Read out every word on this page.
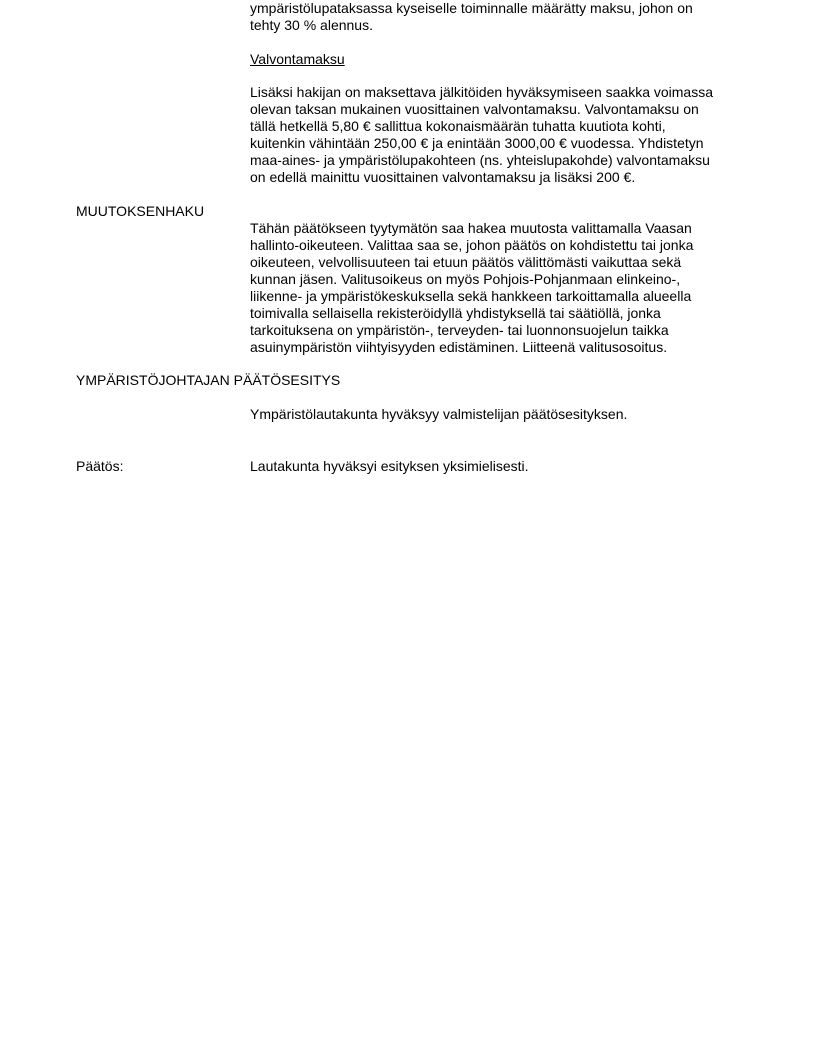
ympäristölupataksassa kyseiselle toiminnalle määrätty maksu, johon on
tehty 30 % alennus.

Valvontamaksu

Lisäksi hakijan on maksettava jälkitöiden hyväksymiseen saakka voimassa
olevan taksan mukainen vuosittainen valvontamaksu. Valvontamaksu on
tällä hetkellä 5,80 € sallittua kokonaismäärän tuhatta kuutiota kohti,
kuitenkin vähintään 250,00 € ja enintään 3000,00 € vuodessa. Yhdistetyn
maa-aines- ja ympäristölupakohteen (ns. yhteislupakohde) valvontamaksu
on edellä mainittu vuosittainen valvontamaksu ja lisäksi 200 €.

MUUTOKSENHAKU

Tähän päätökseen tyytymätön saa hakea muutosta valittamalla Vaasan
hallinto-oikeuteen. Valittaa saa se, johon päätös on kohdistettu tai jonka
oikeuteen, velvollisuuteen tai etuun päätös välittömästi vaikuttaa sekä
kunnan jäsen. Valitusoikeus on myös Pohjois-Pohjanmaan elinkeino-,
liikenne- ja ympäristökeskuksella sekä hankkeen tarkoittamalla alueella
toimivalla sellaisella rekisteröidyllä yhdistyksellä tai säätiöllä, jonka
tarkoituksena on ympäristön-, terveyden- tai luonnonsuojelun taikka
asuinympäristön viihtyisyyden edistäminen. Liitteenä valitusosoitus.

YMPÄRISTÖJOHTAJAN PÄÄTÖSESITYS

Ympäristölautakunta hyväksyy valmistelijan päätösesityksen.

Päätös:	Lautakunta hyväksyi esityksen yksimielisesti.
